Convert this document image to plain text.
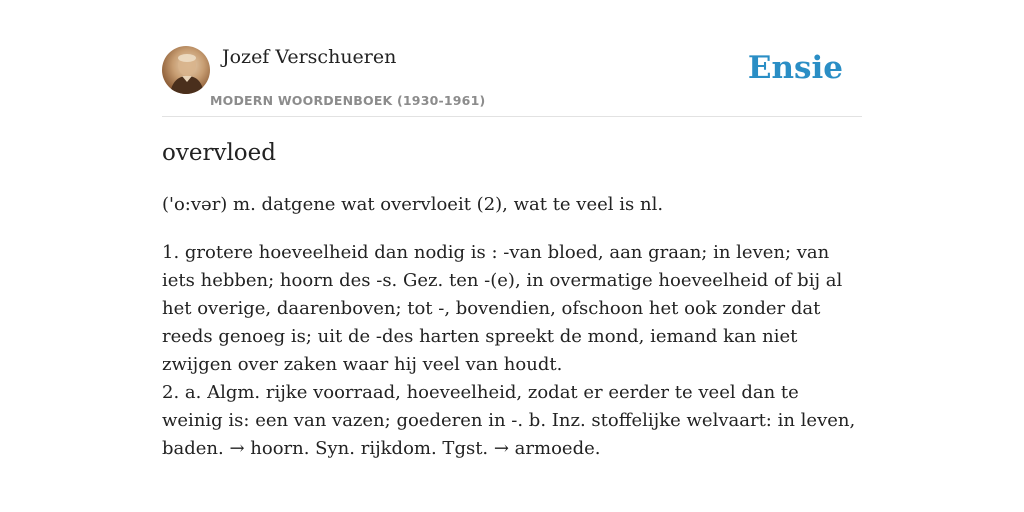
Jozef Verschueren
MODERN WOORDENBOEK (1930-1961)
Ensie
overvloed
('o:vər) m. datgene wat overvloeit (2), wat te veel is nl.

1. grotere hoeveelheid dan nodig is : -van bloed, aan graan; in leven; van iets hebben; hoorn des -s. Gez. ten -(e), in overmatige hoeveelheid of bij al het overige, daarenboven; tot -, bovendien, ofschoon het ook zonder dat reeds genoeg is; uit de -des harten spreekt de mond, iemand kan niet zwijgen over zaken waar hij veel van houdt.

2. a. Algm. rijke voorraad, hoeveelheid, zodat er eerder te veel dan te weinig is: een van vazen; goederen in -. b. Inz. stoffelijke welvaart: in leven, baden. → hoorn. Syn. rijkdom. Tgst. → armoede.
